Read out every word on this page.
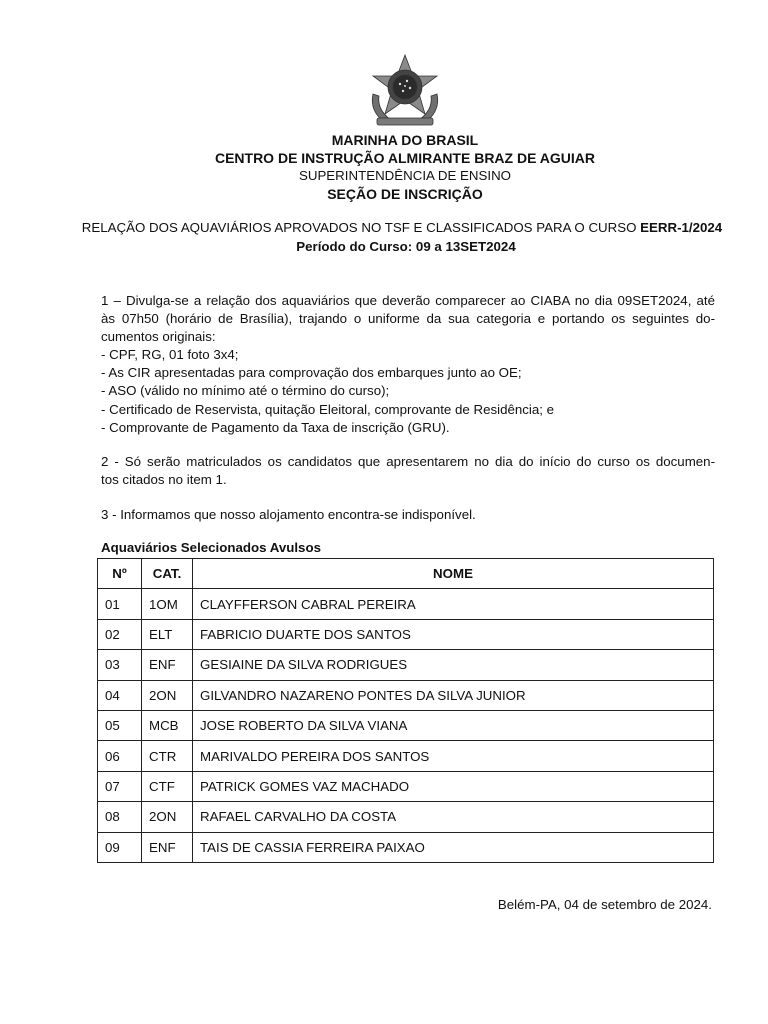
MARINHA DO BRASIL
CENTRO DE INSTRUÇÃO ALMIRANTE BRAZ DE AGUIAR
SUPERINTENDÊNCIA DE ENSINO
SEÇÃO DE INSCRIÇÃO
RELAÇÃO DOS AQUAVIÁRIOS APROVADOS NO TSF E CLASSIFICADOS PARA O CURSO EERR-1/2024
Período do Curso: 09 a 13SET2024

1 – Divulga-se a relação dos aquaviários que deverão comparecer ao CIABA no dia 09SET2024, até

às 07h50 (horário de Brasília), trajando o uniforme da sua categoria e portando os seguintes do-

cumentos originais:

- CPF, RG, 01 foto 3x4;

- As CIR apresentadas para comprovação dos embarques junto ao OE;

- ASO (válido no mínimo até o término do curso);

- Certificado de Reservista, quitação Eleitoral, comprovante de Residência; e

- Comprovante de Pagamento da Taxa de inscrição (GRU).

2 - Só serão matriculados os candidatos que apresentarem no dia do início do curso os documen-

tos citados no item 1.

3 - Informamos que nosso alojamento encontra-se indisponível.

Aquaviários Selecionados Avulsos
Nº	CAT.	NOME
01	1OM	CLAYFFERSON CABRAL PEREIRA
02	ELT	FABRICIO DUARTE DOS SANTOS
03	ENF	GESIAINE DA SILVA RODRIGUES
04	2ON	GILVANDRO NAZARENO PONTES DA SILVA JUNIOR
05	MCB	JOSE ROBERTO DA SILVA VIANA
06	CTR	MARIVALDO PEREIRA DOS SANTOS
07	CTF	PATRICK GOMES VAZ MACHADO
08	2ON	RAFAEL CARVALHO DA COSTA
09	ENF	TAIS DE CASSIA FERREIRA PAIXAO
Belém-PA, 04 de setembro de 2024.
